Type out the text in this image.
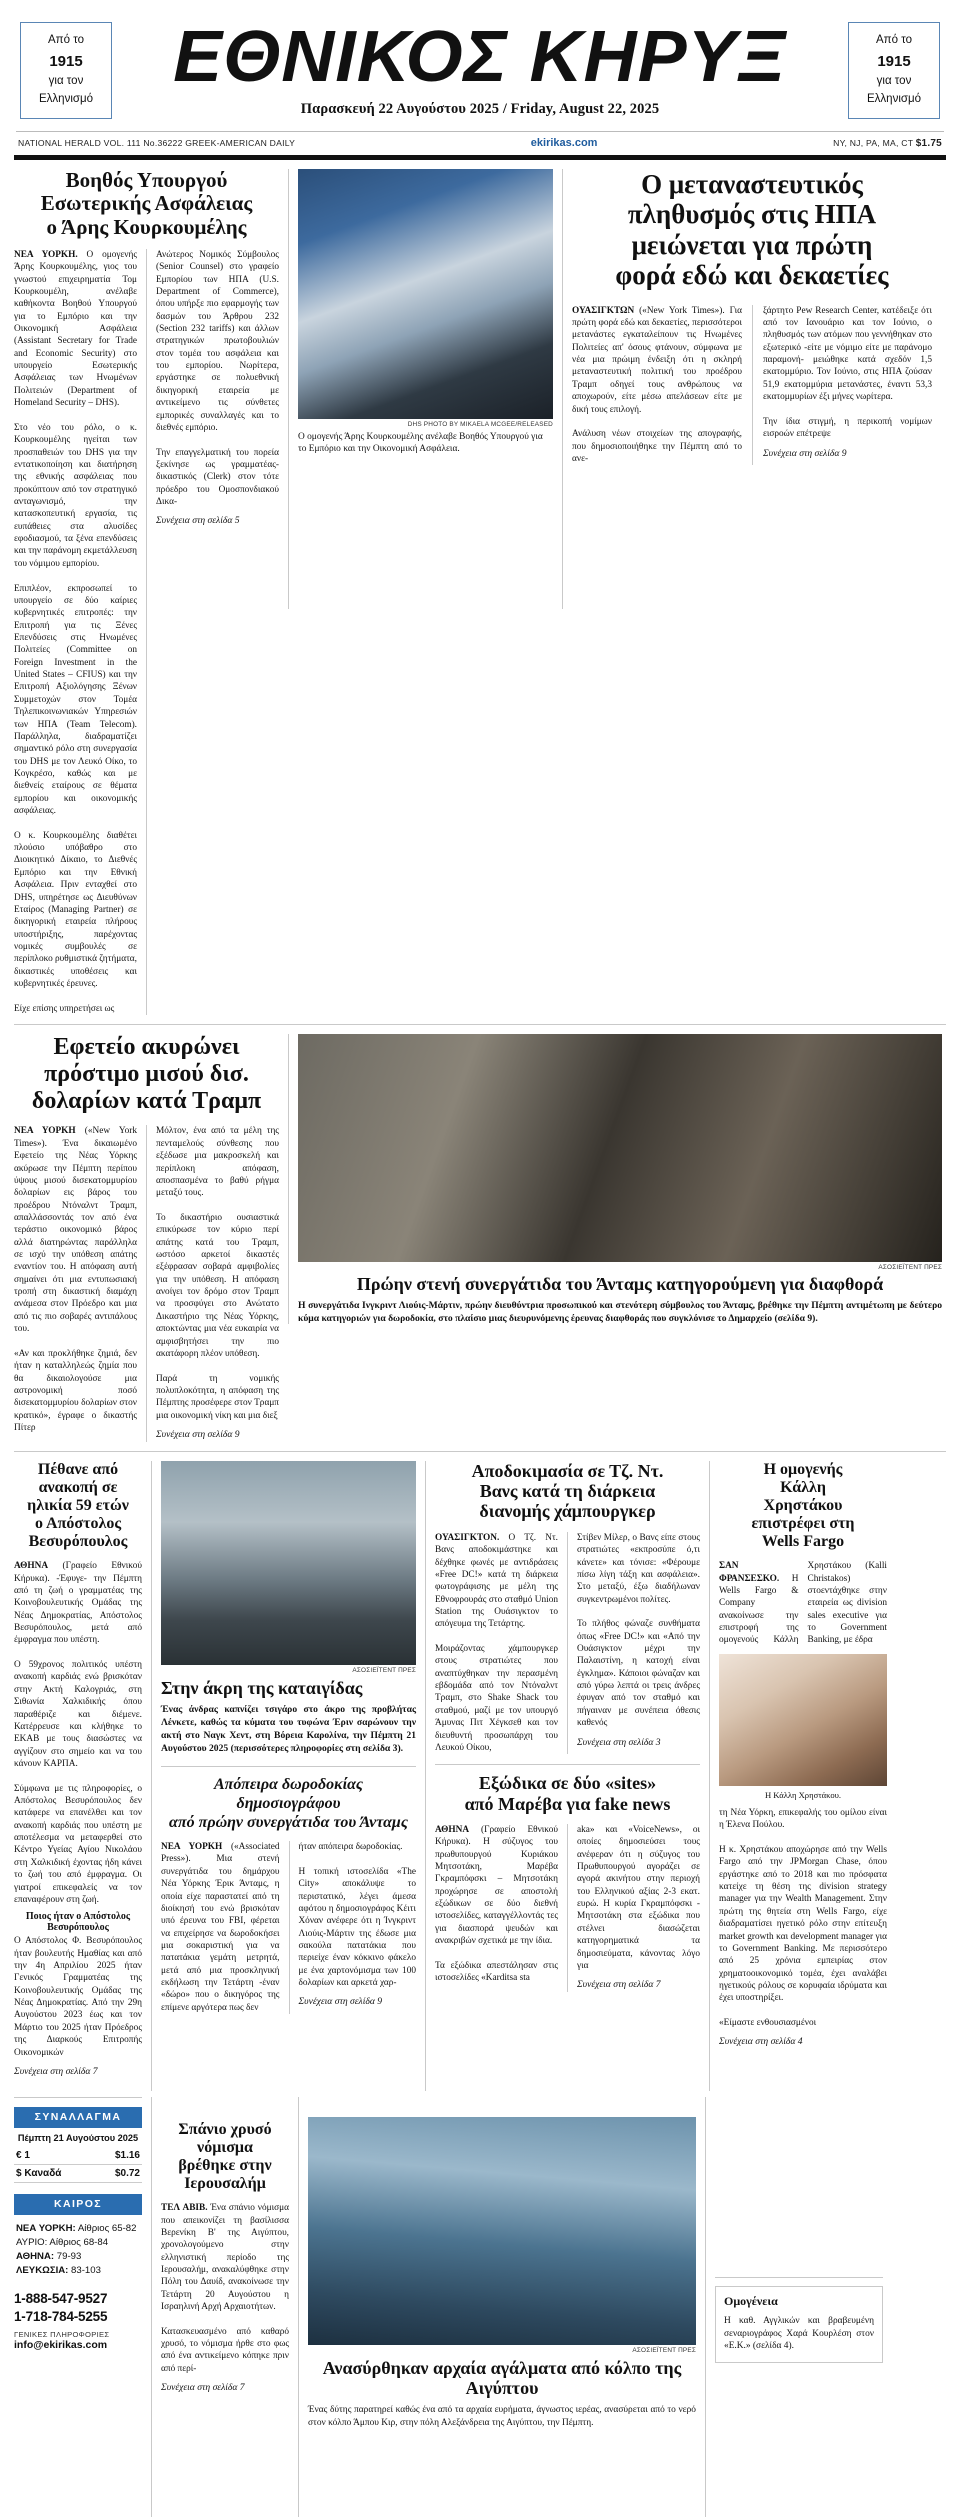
Από το
1915
για τον
Ελληνισμό
ΕΘΝΙΚΟΣ ΚΗΡΥΞ
Παρασκευή 22 Αυγούστου 2025 / Friday, August 22, 2025
Από το
1915
για τον
Ελληνισμό
NATIONAL HERALD VOL. 111 No.36222 GREEK-AMERICAN DAILY	ekirikas.com	NY, NJ, PA, MA, CT $1.75
Βοηθός Υπουργού
Εσωτερικής Ασφάλειας
ο Άρης Κουρκουμέλης
ΝΕΑ ΥΟΡΚΗ. Ο ομογενής Άρης Κουρκουμέλης, γιος του γνωστού επιχειρηματία Τομ Κουρκουμέλη, ανέλαβε καθήκοντα Βοηθού Υπουργού για το Εμπόριο και την Οικονομική Ασφάλεια (Assistant Secretary for Trade and Economic Security) στο υπουργείο Εσωτερικής Ασφάλειας των Ηνωμένων Πολιτειών (Department of Homeland Security – DHS).

Στο νέο του ρόλο, ο κ. Κουρκουμέλης ηγείται των προσπαθειών του DHS για την εντατικοποίηση και διατήρηση της εθνικής ασφάλειας που προκύπτουν από τον στρατηγικό ανταγωνισμό, την κατασκοπευτική εργασία, τις ευπάθειες στα αλυσίδες εφοδιασμού, τα ξένα επενδύσεις και την παράνομη εκμετάλλευση του νόμιμου εμπορίου.

Επιπλέον, εκπροσωπεί το υπουργείο σε δύο καίριες κυβερνητικές επιτροπές: την Επιτροπή για τις Ξένες Επενδύσεις στις Ηνωμένες Πολιτείες (Committee on Foreign Investment in the United States – CFIUS) και την Επιτροπή Αξιολόγησης Ξένων Συμμετοχών στον Τομέα Τηλεπικοινωνιακών Υπηρεσιών των ΗΠΑ (Team Telecom). Παράλληλα, διαδραματίζει σημαντικό ρόλο στη συνεργασία του DHS με τον Λευκό Οίκο, το Κογκρέσο, καθώς και με διεθνείς εταίρους σε θέματα εμπορίου και οικονομικής ασφάλειας.

Ο κ. Κουρκουμέλης διαθέτει πλούσιο υπόβαθρο στο Διοικητικό Δίκαιο, το Διεθνές Εμπόριο και την Εθνική Ασφάλεια. Πριν ενταχθεί στο DHS, υπηρέτησε ως Διευθύνων Εταίρος (Managing Partner) σε δικηγορική εταιρεία πλήρους υποστήριξης, παρέχοντας νομικές συμβουλές σε περίπλοκο ρυθμιστικά ζητήματα, δικαστικές υποθέσεις και κυβερνητικές έρευνες.

Είχε επίσης υπηρετήσει ως
Ανώτερος Νομικός Σύμβουλος (Senior Counsel) στο γραφείο Εμπορίου των ΗΠΑ (U.S. Department of Commerce), όπου υπήρξε πιο εφαρμογής των δασμών του Άρθρου 232 (Section 232 tariffs) και άλλων στρατηγικών πρωτοβουλιών στον τομέα του ασφάλεια και του εμπορίου. Νωρίτερα, εργάστηκε σε πολυεθνική δικηγορική εταιρεία με αντικείμενο τις σύνθετες εμπορικές συναλλαγές και το διεθνές εμπόριο.

Την επαγγελματική του πορεία ξεκίνησε ως γραμματέας-δικαστικός (Clerk) στον τότε πρόεδρο του Ομοσπονδιακού Δικα-
Συνέχεια στη σελίδα 5
DHS PHOTO BY MIKAELA MCGEE/RELEASED
Ο ομογενής Άρης Κουρκουμέλης ανέλαβε Βοηθός Υπουργού για το Εμπόριο και την Οικονομική Ασφάλεια.
Ο μεταναστευτικός
πληθυσμός στις ΗΠΑ
μειώνεται για πρώτη
φορά εδώ και δεκαετίες
ΟΥΑΣΙΓΚΤΩΝ («New York Times»). Για πρώτη φορά εδώ και δεκαετίες, περισσότεροι μετανάστες εγκαταλείπουν τις Ηνωμένες Πολιτείες απ' όσους φτάνουν, σύμφωνα με νέα μια πρώιμη ένδειξη ότι η σκληρή μεταναστευτική πολιτική του προέδρου Τραμπ οδηγεί τους ανθρώπους να αποχωρούν, είτε μέσω απελάσεων είτε με δική τους επιλογή.

Ανάλυση νέων στοιχείων της απογραφής, που δημοσιοποιήθηκε την Πέμπτη από το ανε-
ξάρτητο Pew Research Center, κατέδειξε ότι από τον Ιανουάριο και τον Ιούνιο, ο πληθυσμός των ατόμων που γεννήθηκαν στο εξωτερικό -είτε με νόμιμο είτε με παράνομο παραμονή- μειώθηκε κατά σχεδόν 1,5 εκατομμύριο. Τον Ιούνιο, στις ΗΠΑ ζούσαν 51,9 εκατομμύρια μετανάστες, έναντι 53,3 εκατομμυρίων έξι μήνες νωρίτερα.

Την ίδια στιγμή, η περικοπή νομίμων εισροών επέτρεψε
Συνέχεια στη σελίδα 9
Εφετείο ακυρώνει
πρόστιμο μισού δισ.
δολαρίων κατά Τραμπ
ΝΕΑ ΥΟΡΚΗ («New York Times»). Ένα δικαιωμένο Εφετείο της Νέας Υόρκης ακύρωσε την Πέμπτη περίπου ύψους μισού δισεκατομμυρίου δολαρίων εις βάρος του προέδρου Ντόναλντ Τραμπ, απαλλάσσοντάς τον από ένα τεράστιο οικονομικό βάρος αλλά διατηρώντας παράλληλα σε ισχύ την υπόθεση απάτης εναντίον του. Η απόφαση αυτή σημαίνει ότι μια εντυπωσιακή τροπή στη δικαστική διαμάχη ανάμεσα στον Πρόεδρο και μια από τις πιο σοβαρές αντιπάλους του.

«Αν και προκλήθηκε ζημιά, δεν ήταν η καταλληλεώς ζημία που θα δικαιολογούσε μια αστρονομική ποσό δισεκατομμυρίου δολαρίων στον κρατικό», έγραφε ο δικαστής Πίτερ
Μόλτον, ένα από τα μέλη της πενταμελούς σύνθεσης που εξέδωσε μια μακροσκελή και περίπλοκη απόφαση, αποσπασμένα το βαθύ ρήγμα μεταξύ τους.

Το δικαστήριο ουσιαστικά επικύρωσε τον κύριο περί απάτης κατά του Τραμπ, ωστόσο αρκετοί δικαστές εξέφρασαν σοβαρά αμφιβολίες για την υπόθεση. Η απόφαση ανοίγει τον δρόμο στον Τραμπ να προσφύγει στο Ανώτατο Δικαστήριο της Νέας Υόρκης, αποκτώντας μια νέα ευκαιρία να αμφισβητήσει την πιο ακατάφορη πλέον υπόθεση.

Παρά τη νομικής πολυπλοκότητα, η απόφαση της Πέμπτης προσέφερε στον Τραμπ μια οικονομική νίκη και μια διεξ
Συνέχεια στη σελίδα 9
ΑΣΟΣΙΕΪΤΕΝΤ ΠΡΕΣ
Πρώην στενή συνεργάτιδα του Άνταμς κατηγορούμενη για διαφθορά
Η συνεργάτιδα Ινγκριντ Λιούις-Μάρτιν, πρώην διευθύντρια προσωπικού και στενότερη σύμβουλος του Άνταμς, βρέθηκε την Πέμπτη αντιμέτωπη με δεύτερο κύμα κατηγοριών για δωροδοκία, στο πλαίσιο μιας διευρυνόμενης έρευνας διαφθοράς που συγκλόνισε το Δημαρχείο (σελίδα 9).
Πέθανε από
ανακοπή σε
ηλικία 59 ετών
ο Απόστολος
Βεσυρόπουλος
ΑΘΗΝΑ (Γραφείο Εθνικού Κήρυκα). -Έφυγε- την Πέμπτη από τη ζωή ο γραμματέας της Κοινοβουλευτικής Ομάδας της Νέας Δημοκρατίας, Απόστολος Βεσυρόπουλος, μετά από έμφραγμα που υπέστη.

Ο 59χρονος πολιτικός υπέστη ανακοπή καρδιάς ενώ βρισκόταν στην Ακτή Καλογριάς, στη Σιθωνία Χαλκιδικής όπου παραθέριζε και διέμενε. Κατέρρευσε και κλήθηκε το ΕΚΑΒ με τους διασώστες να αγγίζουν στο σημείο και να του κάνουν ΚΑΡΠΑ.

Σύμφωνα με τις πληροφορίες, ο Απόστολος Βεσυρόπουλος δεν κατάφερε να επανέλθει και τον ανακοπή καρδιάς που υπέστη με αποτέλεσμα να μεταφερθεί στο Κέντρο Υγείας Αγίου Νικολάου στη Χαλκιδική έχοντας ήδη κάνει το ζωή του από έμφραγμα. Οι γιατροί επικεφαλείς να τον επαναφέρουν στη ζωή.
Ποιος ήταν ο Απόστολος Βεσυρόπουλος
Ο Απόστολος Φ. Βεσυρόπουλος ήταν βουλευτής Ημαθίας και από την 4η Απριλίου 2025 ήταν Γενικός Γραμματέας της Κοινοβουλευτικής Ομάδας της Νέας Δημοκρατίας. Από την 29η Αυγούστου 2023 έως και τον Μάρτιο του 2025 ήταν Πρόεδρος της Διαρκούς Επιτροπής Οικονομικών
Συνέχεια στη σελίδα 7
ΑΣΟΣΙΕΪΤΕΝΤ ΠΡΕΣ
Στην άκρη της καταιγίδας
Ένας άνδρας καπνίζει τσιγάρο στο άκρο της προβλήτας Λένκετε, καθώς τα κύματα του τυφώνα Έριν σαρώνουν την ακτή στο Ναγκ Χεντ, στη Βόρεια Καρολίνα, την Πέμπτη 21 Αυγούστου 2025 (περισσότερες πληροφορίες στη σελίδα 3).
Απόπειρα δωροδοκίας δημοσιογράφου
από πρώην συνεργάτιδα του Άνταμς
ΝΕΑ ΥΟΡΚΗ («Associated Press»). Μια στενή συνεργάτιδα του δημάρχου Νέα Υόρκης Έρικ Άνταμς, η οποία είχε παραστατεί από τη διοίκησή του ενώ βρισκόταν υπό έρευνα του FBI, φέρεται να επιχείρησε να δωροδοκήσει μια σοκαριστική για να πατατάκια γεμάτη μετρητά, μετά από μια προσκληνική εκδήλωση την Τετάρτη -έναν «δώρο» που ο δικηγόρος της επίμενε αργότερα πως δεν
ήταν απόπειρα δωροδοκίας.

Η τοπική ιστοσελίδα «The City» αποκάλυψε το περιστατικό, λέγει άμεσα αφότου η δημοσιογράφος Κέιτι Χόναν ανέφερε ότι η Ίνγκριντ Λιούις-Μάρτιν της έδωσε μια σακούλα πατατάκια που περιείχε έναν κόκκινο φάκελο με ένα χαρτονόμισμα των 100 δολαρίων και αρκετά χαρ-
Συνέχεια στη σελίδα 9
Αποδοκιμασία σε Τζ. Ντ.
Βανς κατά τη διάρκεια
διανομής χάμπουργκερ
ΟΥΑΣΙΓΚΤΟΝ. Ο Τζ. Ντ. Βανς αποδοκιμάστηκε και δέχθηκε φωνές με αντιδράσεις «Free DC!» κατά τη διάρκεια φωτογράφισης με μέλη της Εθνοφρουράς στο σταθμό Union Station της Ουάσιγκτον το απόγευμα της Τετάρτης.

Μοιράζοντας χάμπουργκερ στους στρατιώτες που αναπτύχθηκαν την περασμένη εβδομάδα από τον Ντόναλντ Τραμπ, στο Shake Shack του σταθμού, μαζί με τον υπουργό Άμυνας Πιτ Χέγκσεθ και τον διευθυντή προσωπάρχη του Λευκού Οίκου,
Στίβεν Μίλερ, ο Βανς είπε στους στρατιώτες «εκπροσύπε ό,τι κάνετε» και τόνισε: «Φέρουμε πίσω λίγη τάξη και ασφάλεια». Στο μεταξύ, έξω διαδήλωναν συγκεντρωμένοι πολίτες.

Το πλήθος φώναζε συνθήματα όπως «Free DC!» και «Από την Ουάσιγκτον μέχρι την Παλαιστίνη, η κατοχή είναι έγκλημα». Κάποιοι φώναζαν και από γύρω λεπτά οι τρεις άνδρες έφυγαν από τον σταθμό και πήγαιναν με συνέπεια όθεσις καθενός
Συνέχεια στη σελίδα 3
Εξώδικα σε δύο «sites»
από Μαρέβα για fake news
ΑΘΗΝΑ (Γραφείο Εθνικού Κήρυκα). Η σύζυγος του πρωθυπουργού Κυριάκου Μητσοτάκη, Μαρέβα Γκραμπόφσκι – Μητσοτάκη προχώρησε σε αποστολή εξώδικων σε δύο διεθνή ιστοσελίδες, καταγγέλλοντάς τες για διασπορά ψευδών και ανακριβών σχετικά με την ίδια.

Τα εξώδικα απεστάλησαν στις ιστοσελίδες «Karditsa sta
aka» και «VoiceNews», οι οποίες δημοσιεύσει τους ανέφεραν ότι η σύζυγος του Πρωθυπουργού αγοράζει σε αγορά ακινήτου στην περιοχή του Ελληνικού αξίας 2-3 εκατ. ευρώ. Η κυρία Γκραμπόφσκι - Μητσοτάκη στα εξώδικα που στέλνει διασώζεται κατηγορηματικά τα δημοσιεύματα, κάνοντας λόγο για
Συνέχεια στη σελίδα 7
Η ομογενής
Κάλλη
Χρηστάκου
επιστρέφει στη
Wells Fargo
ΣΑΝ ΦΡΑΝΣΕΣΚΟ. Η Wells Fargo & Company ανακοίνωσε την επιστροφή της ομογενούς Κάλλη Χρηστάκου (Kalli Christakos) στοεντάχθηκε στην εταιρεία ως division sales executive για το Government Banking, με έδρα
Η Κάλλη Χρηστάκου.
τη Νέα Υόρκη, επικεφαλής του ομίλου είναι η Έλενα Πούλου.

Η κ. Χρηστάκου αποχώρησε από την Wells Fargo από την JPMorgan Chase, όπου εργάστηκε από το 2018 και πιο πρόσφατα κατείχε τη θέση της division strategy manager για την Wealth Management. Στην πρώτη της θητεία στη Wells Fargo, είχε διαδραματίσει ηγετικό ρόλο στην επίτευξη market growth και development manager για το Government Banking. Με περισσότερο από 25 χρόνια εμπειρίας στον χρηματοοικονομικό τομέα, έχει αναλάβει ηγετικούς ρόλους σε κορυφαία ιδρύματα και έχει υποστηρίξει.

«Είμαστε ενθουσιασμένοι
Συνέχεια στη σελίδα 4
ΣΥΝΑΛΛΑΓΜΑ
Πέμπτη 21 Αυγούστου 2025
€ 1	$1.16
$ Καναδά	$0.72
ΚΑΙΡΟΣ
ΝΕΑ ΥΟΡΚΗ: Αίθριος 65-82
ΑΥΡΙΟ: Αίθριος 68-84
ΑΘΗΝΑ: 79-93
ΛΕΥΚΩΣΙΑ: 83-103
1-888-547-9527
1-718-784-5255
ΓΕΝΙΚΕΣ ΠΛΗΡΟΦΟΡΙΕΣ
info@ekirikas.com
Σπάνιο χρυσό
νόμισμα
βρέθηκε στην
Ιερουσαλήμ
ΤΕΛ ΑΒΙΒ. Ένα σπάνιο νόμισμα που απεικονίζει τη βασίλισσα Βερενίκη Β' της Αιγύπτου, χρονολογούμενο στην ελληνιστική περίοδο της Ιερουσαλήμ, ανακαλύφθηκε στην Πόλη του Δαυίδ, ανακοίνωσε την Τετάρτη 20 Αυγούστου η Ισραηλινή Αρχή Αρχαιοτήτων.

Κατασκευασμένο από καθαρό χρυσό, το νόμισμα ήρθε στο φως από ένα αντικείμενο κόπηκε πριν από περί-
Συνέχεια στη σελίδα 7
ΑΣΟΣΙΕΪΤΕΝΤ ΠΡΕΣ
Ανασύρθηκαν αρχαία αγάλματα από κόλπο της Αιγύπτου
Ένας δύτης παρατηρεί καθώς ένα από τα αρχαία ευρήματα, άγνωστος ιερέας, ανασύρεται από το νερό στον κόλπο Άμπου Κιρ, στην πόλη Αλεξάνδρεια της Αιγύπτου, την Πέμπτη.
Ομογένεια
Η καθ. Αγγλικών και βραβευμένη σεναριογράφος Χαρά Κουρλέση στον «Ε.Κ.» (σελίδα 4).
